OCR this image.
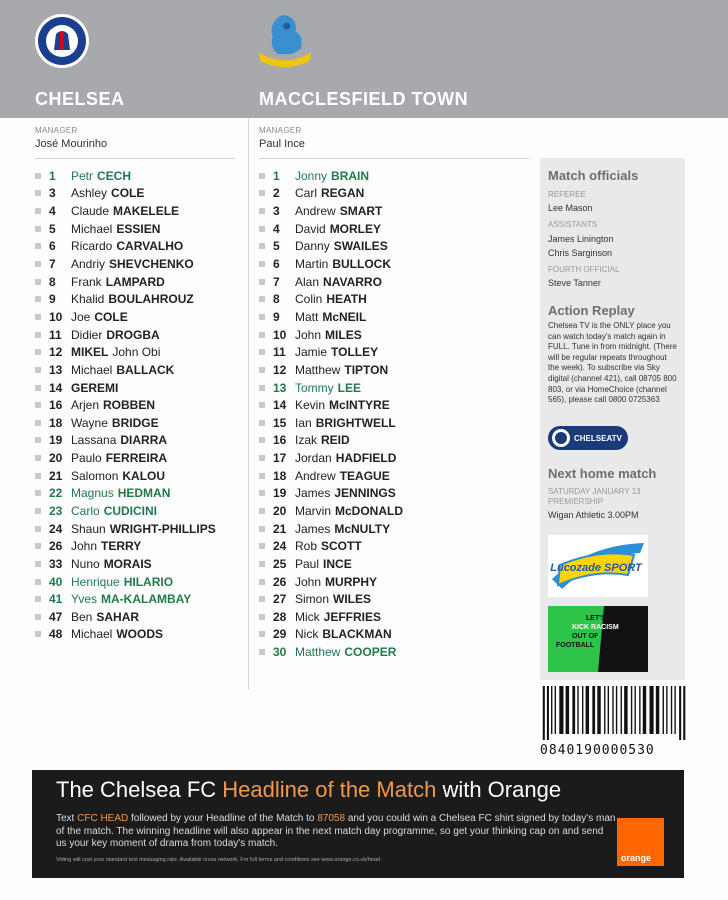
CHELSEA	MACCLESFIELD TOWN
MANAGER
José Mourinho
MANAGER
Paul Ince
1	Petr CECH
3	Ashley COLE
4	Claude MAKELELE
5	Michael ESSIEN
6	Ricardo CARVALHO
7	Andriy SHEVCHENKO
8	Frank LAMPARD
9	Khalid BOULAHROUZ
10 Joe COLE
11 Didier DROGBA
12 MIKEL John Obi
13 Michael BALLACK
14 GEREMI
16 Arjen ROBBEN
18 Wayne BRIDGE
19 Lassana DIARRA
20 Paulo FERREIRA
21 Salomon KALOU
22 Magnus HEDMAN
23 Carlo CUDICINI
24 Shaun WRIGHT-PHILLIPS
26 John TERRY
33 Nuno MORAIS
40 Henrique HILARIO
41 Yves MA-KALAMBAY
47 Ben SAHAR
48 Michael WOODS
1	Jonny BRAIN
2	Carl REGAN
3	Andrew SMART
4	David MORLEY
5	Danny SWAILES
6	Martin BULLOCK
7	Alan NAVARRO
8	Colin HEATH
9	Matt McNEIL
10 John MILES
11 Jamie TOLLEY
12 Matthew TIPTON
13 Tommy LEE
14 Kevin McINTYRE
15 Ian BRIGHTWELL
16 Izak REID
17 Jordan HADFIELD
18 Andrew TEAGUE
19 James JENNINGS
20 Marvin McDONALD
21 James McNULTY
24 Rob SCOTT
25 Paul INCE
26 John MURPHY
27 Simon WILES
28 Mick JEFFRIES
29 Nick BLACKMAN
30 Matthew COOPER
Match officials
REFEREE
Lee Mason
ASSISTANTS
James Linington
Chris Sarginson
FOURTH OFFICIAL
Steve Tanner
Action Replay
Chelsea TV is the ONLY place you can watch today's match again in FULL. Tune in from midnight. (There will be regular repeats throughout the week). To subscribe via Sky digital (channel 421), call 08705 800 803, or via HomeChoice (channel 565), please call 0800 0725363
CHELSEATV
Next home match
SATURDAY JANUARY 13
PREMIERSHIP
Wigan Athletic 3.00PM
Lucozade SPORT
LET'S
KICK RACISM
OUT OF
FOOTBALL
0840190000530
The Chelsea FC Headline of the Match with Orange
Text CFC HEAD followed by your Headline of the Match to 87058 and you could win a Chelsea FC shirt signed by today's man of the match. The winning headline will also appear in the next match day programme, so get your thinking cap on and send us your key moment of drama from today's match.
Voting will cost your standard text messaging rate. Available cross network. For full terms and conditions see www.orange.co.uk/head	orange
